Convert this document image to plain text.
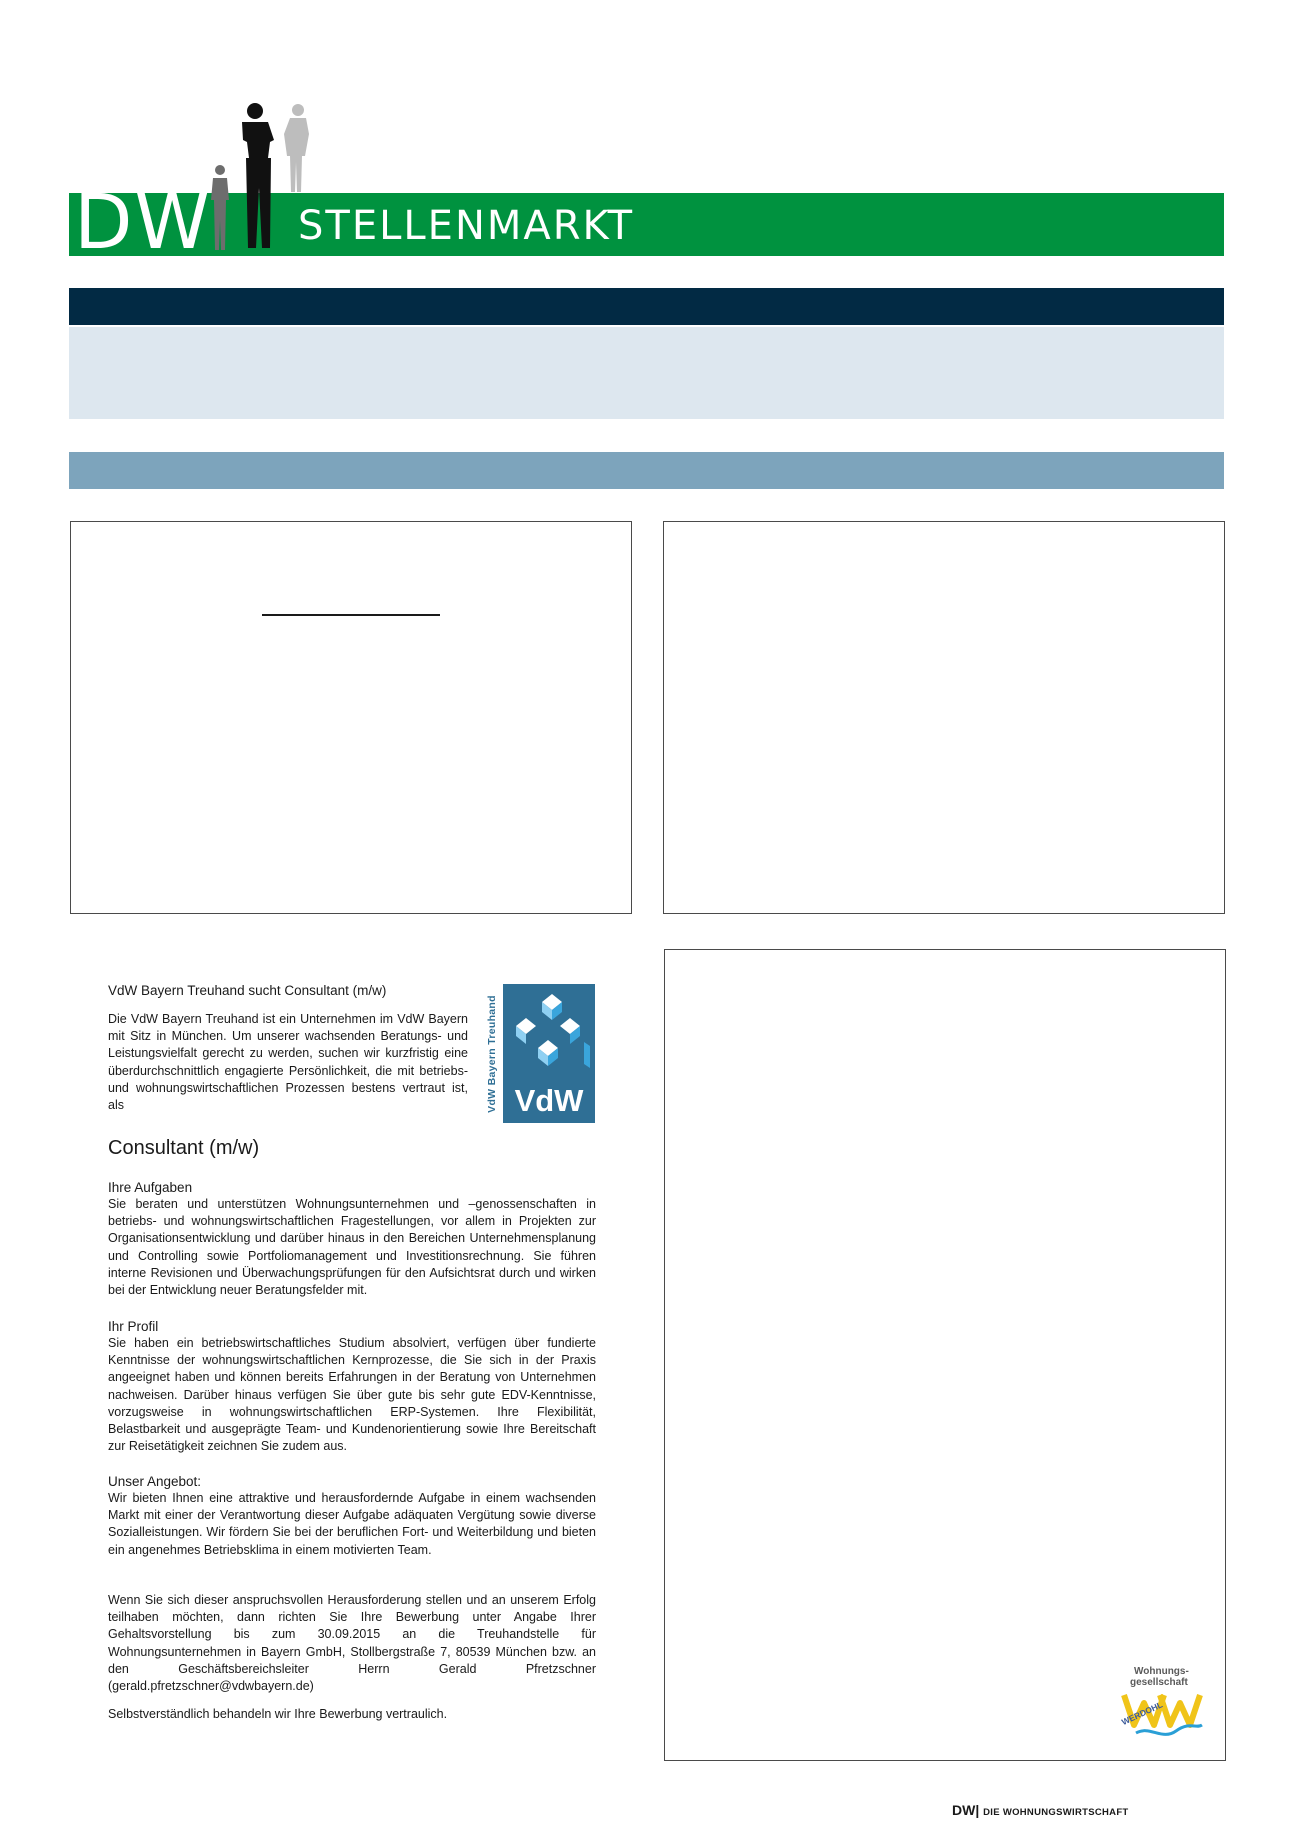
DW STELLENMARKT
VdW Bayern Treuhand sucht Consultant (m/w)
Die VdW Bayern Treuhand ist ein Unternehmen im VdW Bayern mit Sitz in München. Um unserer wachsenden Beratungs- und Leistungsvielfalt gerecht zu werden, suchen wir kurzfristig eine überdurchschnittlich engagierte Persönlichkeit, die mit betriebs- und wohnungswirtschaftlichen Prozessen bestens vertraut ist, als	VdW Bayern Treuhand VdW
Consultant (m/w)
Ihre Aufgaben
Sie beraten und unterstützen Wohnungsunternehmen und –genossenschaften in betriebs- und wohnungswirtschaftlichen Fragestellungen, vor allem in Projekten zur Organisationsentwicklung und darüber hinaus in den Bereichen Unternehmensplanung und Controlling sowie Portfoliomanagement und Investitionsrechnung. Sie führen interne Revisionen und Überwachungsprüfungen für den Aufsichtsrat durch und wirken bei der Entwicklung neuer Beratungsfelder mit.
Ihr Profil
Sie haben ein betriebswirtschaftliches Studium absolviert, verfügen über fundierte Kenntnisse der wohnungswirtschaftlichen Kernprozesse, die Sie sich in der Praxis angeeignet haben und können bereits Erfahrungen in der Beratung von Unternehmen nachweisen. Darüber hinaus verfügen Sie über gute bis sehr gute EDV-Kenntnisse, vorzugsweise in wohnungswirtschaftlichen ERP-Systemen. Ihre Flexibilität, Belastbarkeit und ausgeprägte Team- und Kundenorientierung sowie Ihre Bereitschaft zur Reisetätigkeit zeichnen Sie zudem aus.
Unser Angebot:
Wir bieten Ihnen eine attraktive und herausfordernde Aufgabe in einem wachsenden Markt mit einer der Verantwortung dieser Aufgabe adäquaten Vergütung sowie diverse Sozialleistungen. Wir fördern Sie bei der beruflichen Fort- und Weiterbildung und bieten ein angenehmes Betriebsklima in einem motivierten Team.
Wenn Sie sich dieser anspruchsvollen Herausforderung stellen und an unserem Erfolg teilhaben möchten, dann richten Sie Ihre Bewerbung unter Angabe Ihrer Gehaltsvorstellung bis zum 30.09.2015 an die Treuhandstelle für Wohnungsunternehmen in Bayern GmbH, Stollbergstraße 7, 80539 München bzw. an den Geschäftsbereichsleiter Herrn Gerald Pfretzschner (gerald.pfretzschner@vdwbayern.de)
Selbstverständlich behandeln wir Ihre Bewerbung vertraulich.
Wohnungs-
gesellschaft
WERDOHL
DW| DIE WOHNUNGSWIRTSCHAFT
